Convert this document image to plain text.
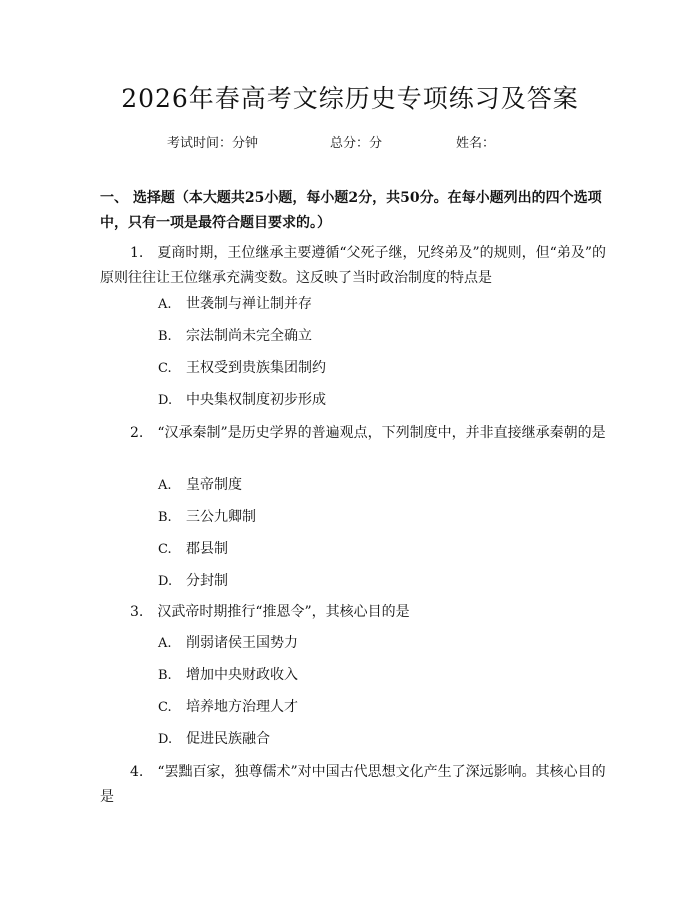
2026年春高考文综历史专项练习及答案
考试时间：
分钟	总分：
分	姓名：
一、 选择题（本大题共25小题，每小题2分，共50分。在每小题列出的四个选项中，只有一项是最符合题目要求的。）
1. 夏商时期，王位继承主要遵循“父死子继，兄终弟及”的规则，但“弟及”的原则往往让王位继承充满变数。这反映了当时政治制度的特点是
A. 世袭制与禅让制并存
B. 宗法制尚未完全确立
C. 王权受到贵族集团制约
D. 中央集权制度初步形成
2. “汉承秦制”是历史学界的普遍观点，下列制度中，并非直接继承秦朝的是
A. 皇帝制度
B. 三公九卿制
C. 郡县制
D. 分封制
3. 汉武帝时期推行“推恩令”，其核心目的是
A. 削弱诸侯王国势力
B. 增加中央财政收入
C. 培养地方治理人才
D. 促进民族融合
4. “罢黜百家，独尊儒术”对中国古代思想文化产生了深远影响。其核心目的是
